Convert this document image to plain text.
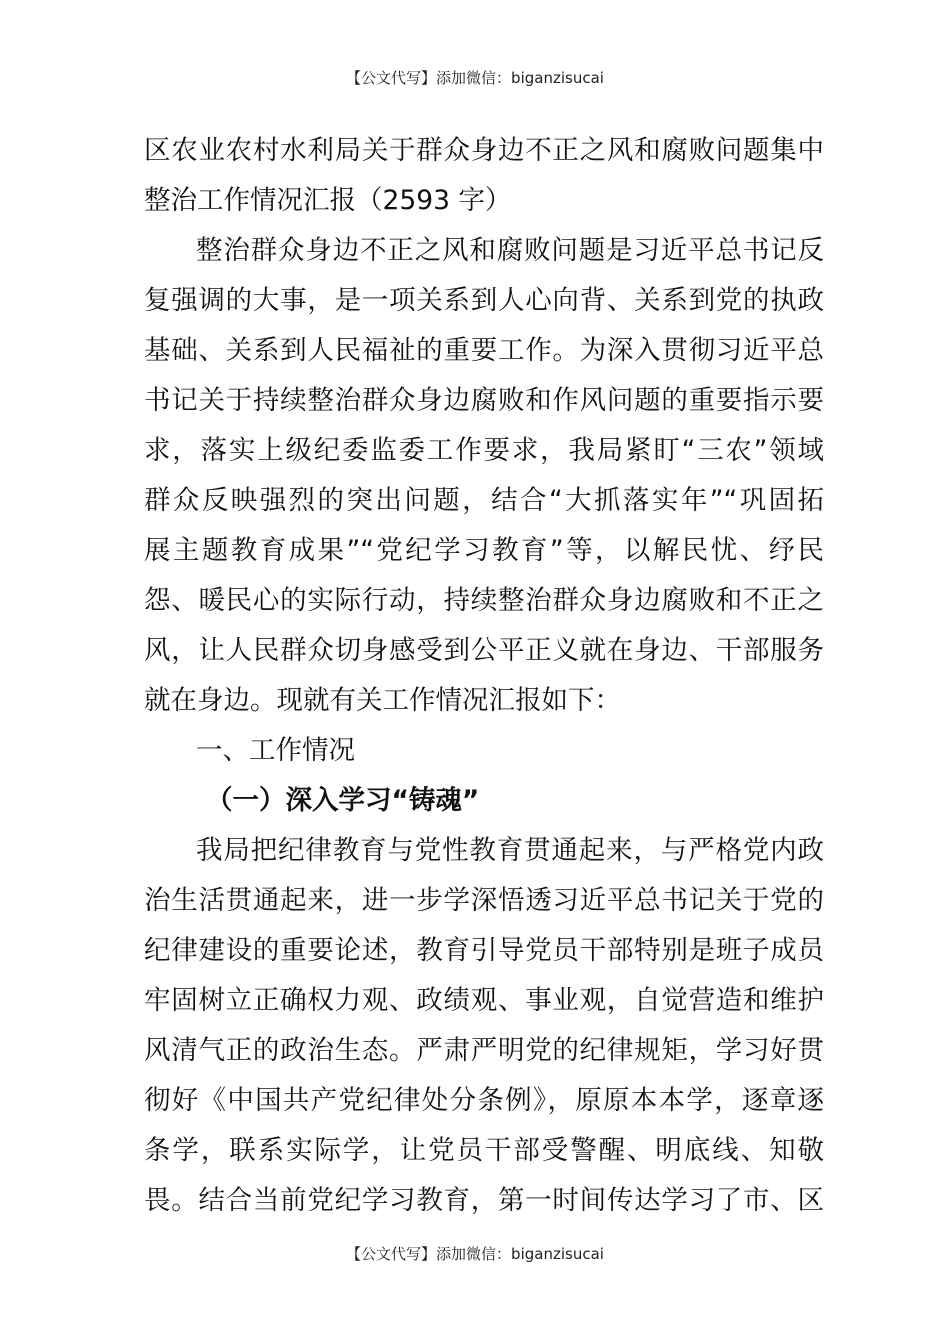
【公文代写】添加微信：biganzisucai
区农业农村水利局关于群众身边不正之风和腐败问题集中
整治工作情况汇报（2593 字）
整治群众身边不正之风和腐败问题是习近平总书记反
复强调的大事，是一项关系到人心向背、关系到党的执政
基础、关系到人民福祉的重要工作。为深入贯彻习近平总
书记关于持续整治群众身边腐败和作风问题的重要指示要
求，落实上级纪委监委工作要求，我局紧盯“三农”领域
群众反映强烈的突出问题，结合“大抓落实年”“巩固拓
展主题教育成果”“党纪学习教育”等，以解民忧、纾民
怨、暖民心的实际行动，持续整治群众身边腐败和不正之
风，让人民群众切身感受到公平正义就在身边、干部服务
就在身边。现就有关工作情况汇报如下：
一、工作情况
（一）深入学习“铸魂”
我局把纪律教育与党性教育贯通起来，与严格党内政
治生活贯通起来，进一步学深悟透习近平总书记关于党的
纪律建设的重要论述，教育引导党员干部特别是班子成员
牢固树立正确权力观、政绩观、事业观，自觉营造和维护
风清气正的政治生态。严肃严明党的纪律规矩，学习好贯
彻好《中国共产党纪律处分条例》，原原本本学，逐章逐
条学，联系实际学，让党员干部受警醒、明底线、知敬
畏。结合当前党纪学习教育，第一时间传达学习了市、区
【公文代写】添加微信：biganzisucai
